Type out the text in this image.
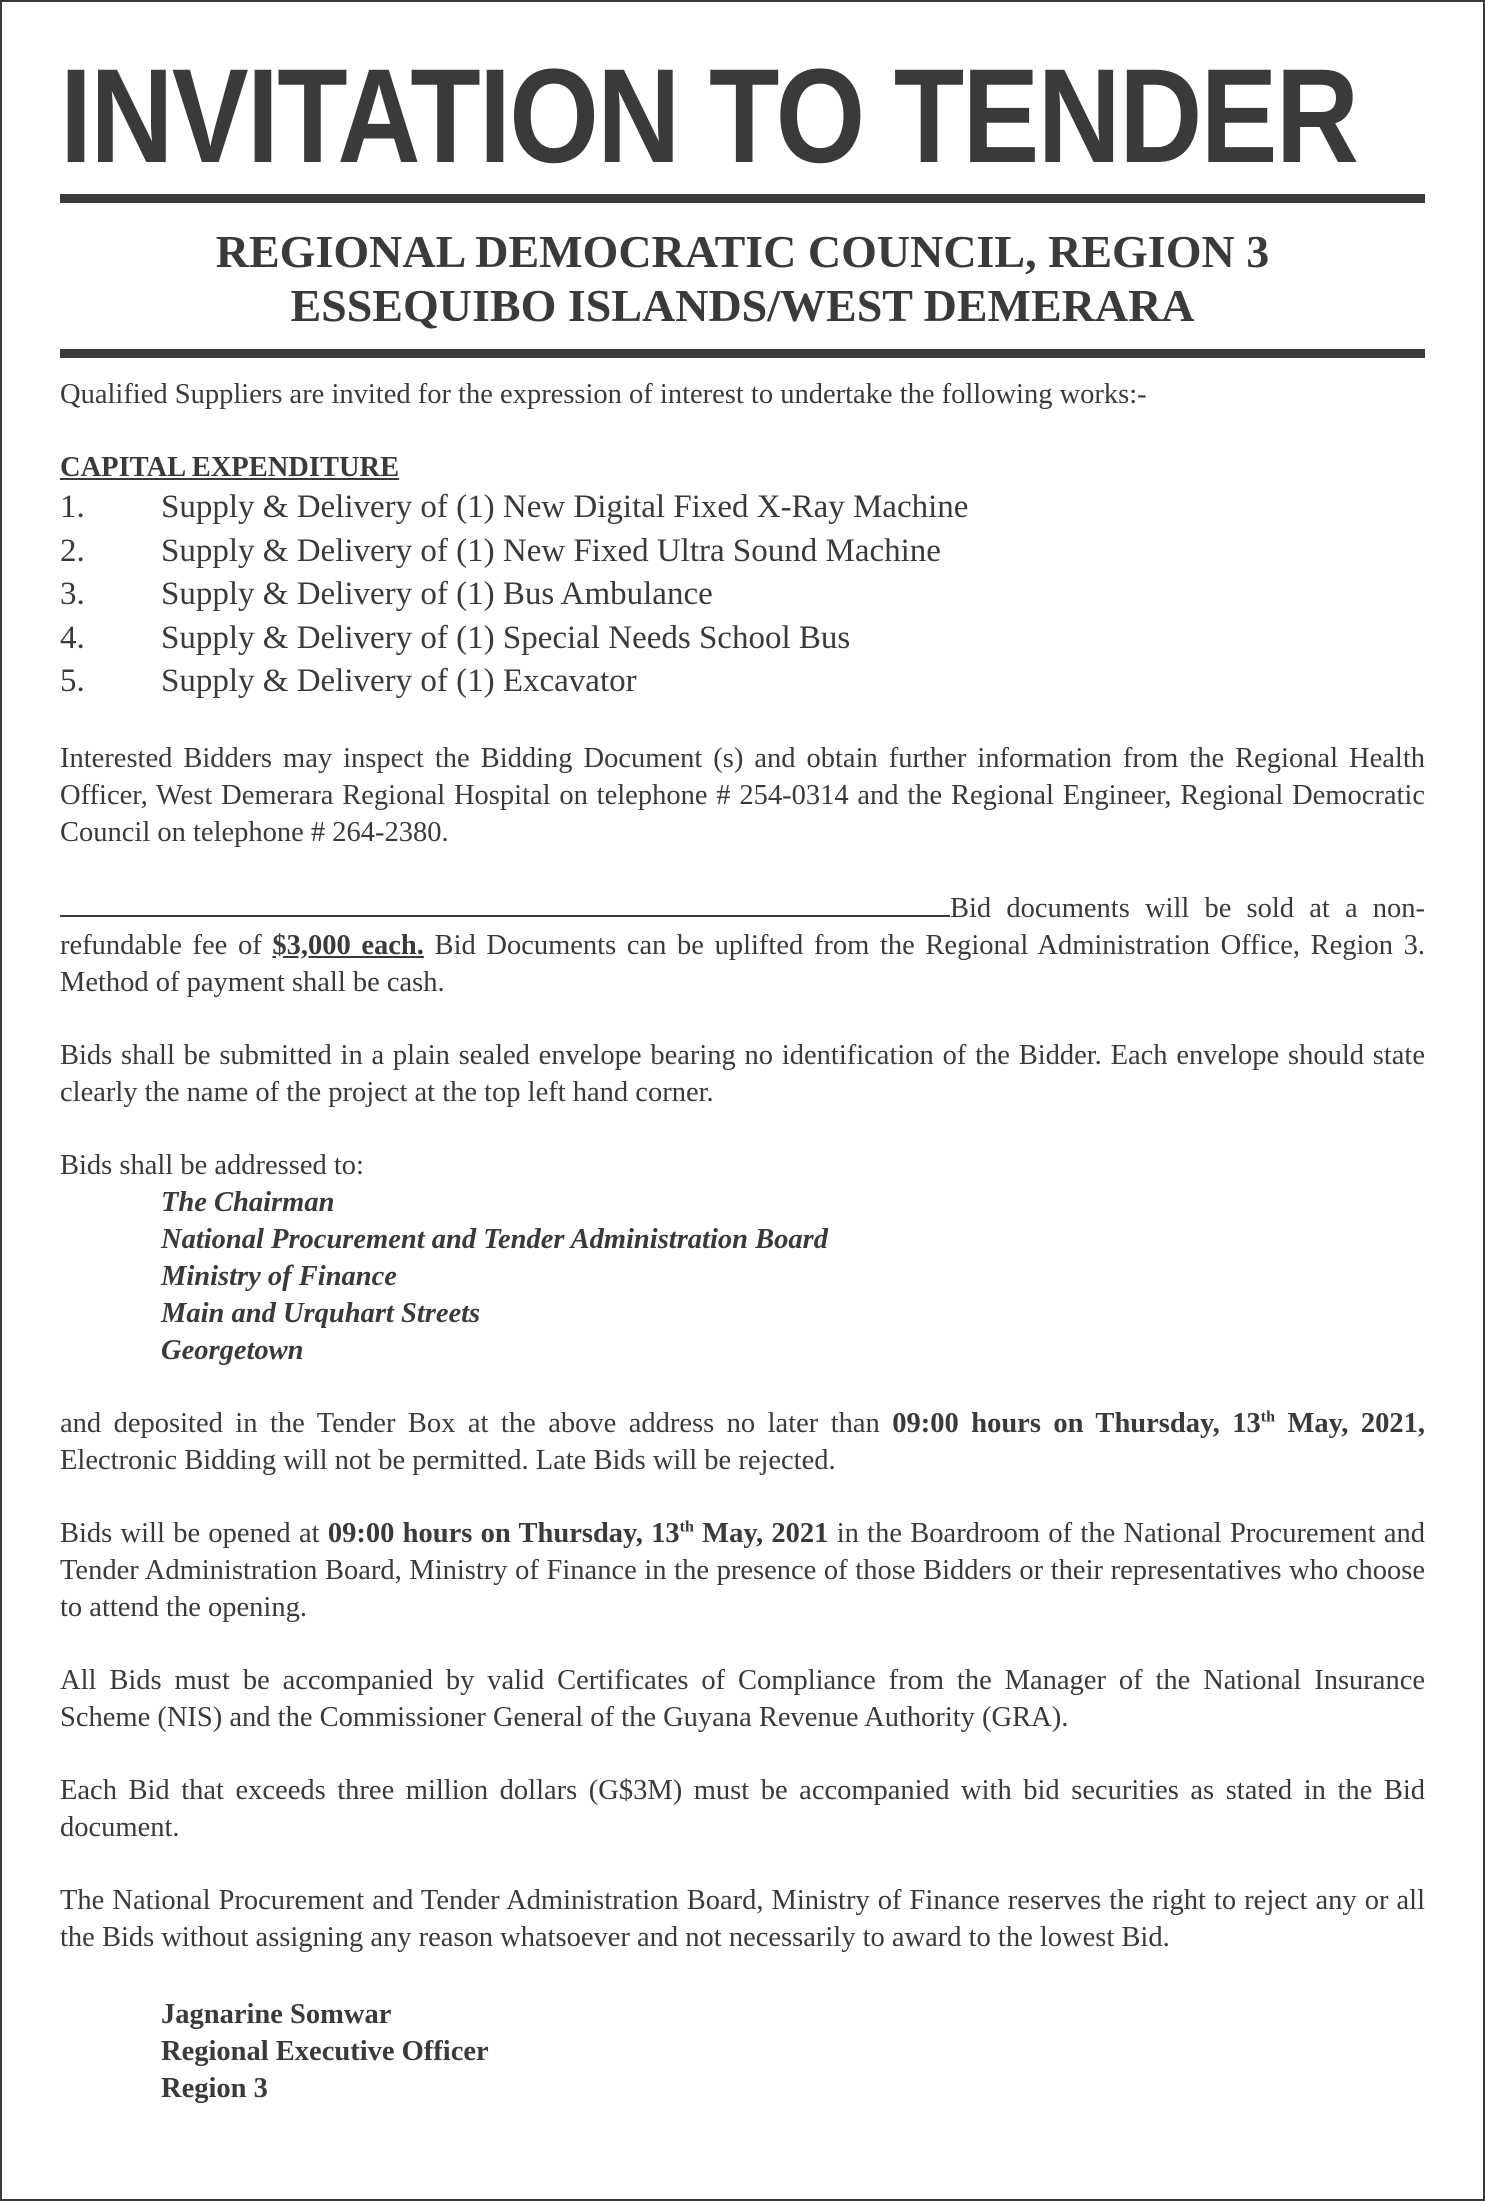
INVITATION TO TENDER
REGIONAL DEMOCRATIC COUNCIL, REGION 3
ESSEQUIBO ISLANDS/WEST DEMERARA

Qualified Suppliers are invited for the expression of interest to undertake the following works:-

CAPITAL EXPENDITURE
1.	Supply & Delivery of (1) New Digital Fixed X-Ray Machine
2.	Supply & Delivery of (1) New Fixed Ultra Sound Machine
3.	Supply & Delivery of (1) Bus Ambulance
4.	Supply & Delivery of (1) Special Needs School Bus
5.	Supply & Delivery of (1) Excavator

Interested Bidders may inspect the Bidding Document (s) and obtain further information from the Regional Health Officer, West Demerara Regional Hospital on telephone # 254-0314 and the Regional Engineer, Regional Democratic Council on telephone # 264-2380.

Bid documents will be sold at a non-refundable fee of $3,000 each. Bid Documents can be uplifted from the Regional Administration Office, Region 3. Method of payment shall be cash.

Bids shall be submitted in a plain sealed envelope bearing no identification of the Bidder. Each envelope should state clearly the name of the project at the top left hand corner.

Bids shall be addressed to:

The Chairman
National Procurement and Tender Administration Board
Ministry of Finance
Main and Urquhart Streets
Georgetown

and deposited in the Tender Box at the above address no later than 09:00 hours on Thursday, 13th May, 2021, Electronic Bidding will not be permitted. Late Bids will be rejected.

Bids will be opened at 09:00 hours on Thursday, 13th May, 2021 in the Boardroom of the National Procurement and Tender Administration Board, Ministry of Finance in the presence of those Bidders or their representatives who choose to attend the opening.

All Bids must be accompanied by valid Certificates of Compliance from the Manager of the National Insurance Scheme (NIS) and the Commissioner General of the Guyana Revenue Authority (GRA).

Each Bid that exceeds three million dollars (G$3M) must be accompanied with bid securities as stated in the Bid document.

The National Procurement and Tender Administration Board, Ministry of Finance reserves the right to reject any or all the Bids without assigning any reason whatsoever and not necessarily to award to the lowest Bid.

Jagnarine Somwar
Regional Executive Officer
Region 3
